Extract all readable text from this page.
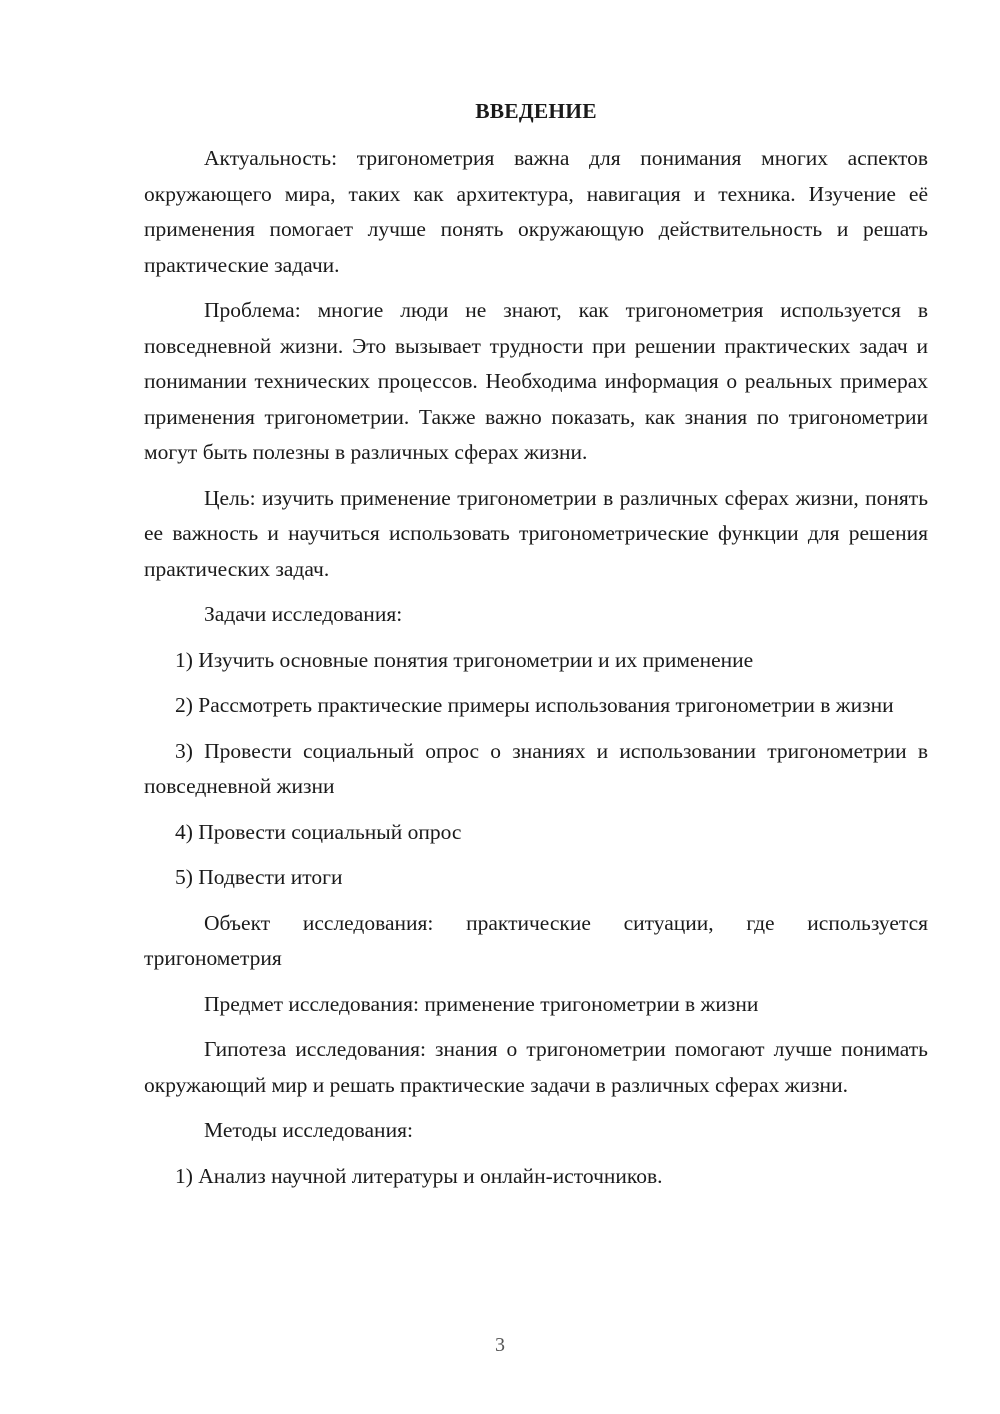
ВВЕДЕНИЕ

Актуальность: тригонометрия важна для понимания многих аспектов окружающего мира, таких как архитектура, навигация и техника. Изучение её применения помогает лучше понять окружающую действительность и решать практические задачи.

Проблема: многие люди не знают, как тригонометрия используется в повседневной жизни. Это вызывает трудности при решении практических задач и понимании технических процессов. Необходима информация о реальных примерах применения тригонометрии. Также важно показать, как знания по тригонометрии могут быть полезны в различных сферах жизни.

Цель: изучить применение тригонометрии в различных сферах жизни, понять ее важность и научиться использовать тригонометрические функции для решения практических задач.

Задачи исследования:

1) Изучить основные понятия тригонометрии и их применение

2) Рассмотреть практические примеры использования тригонометрии в жизни

3) Провести социальный опрос о знаниях и использовании тригонометрии в повседневной жизни

4) Провести социальный опрос

5) Подвести итоги

Объект исследования: практические ситуации, где используется тригонометрия

Предмет исследования: применение тригонометрии в жизни

Гипотеза исследования: знания о тригонометрии помогают лучше понимать окружающий мир и решать практические задачи в различных сферах жизни.

Методы исследования:

1) Анализ научной литературы и онлайн-источников.

3
